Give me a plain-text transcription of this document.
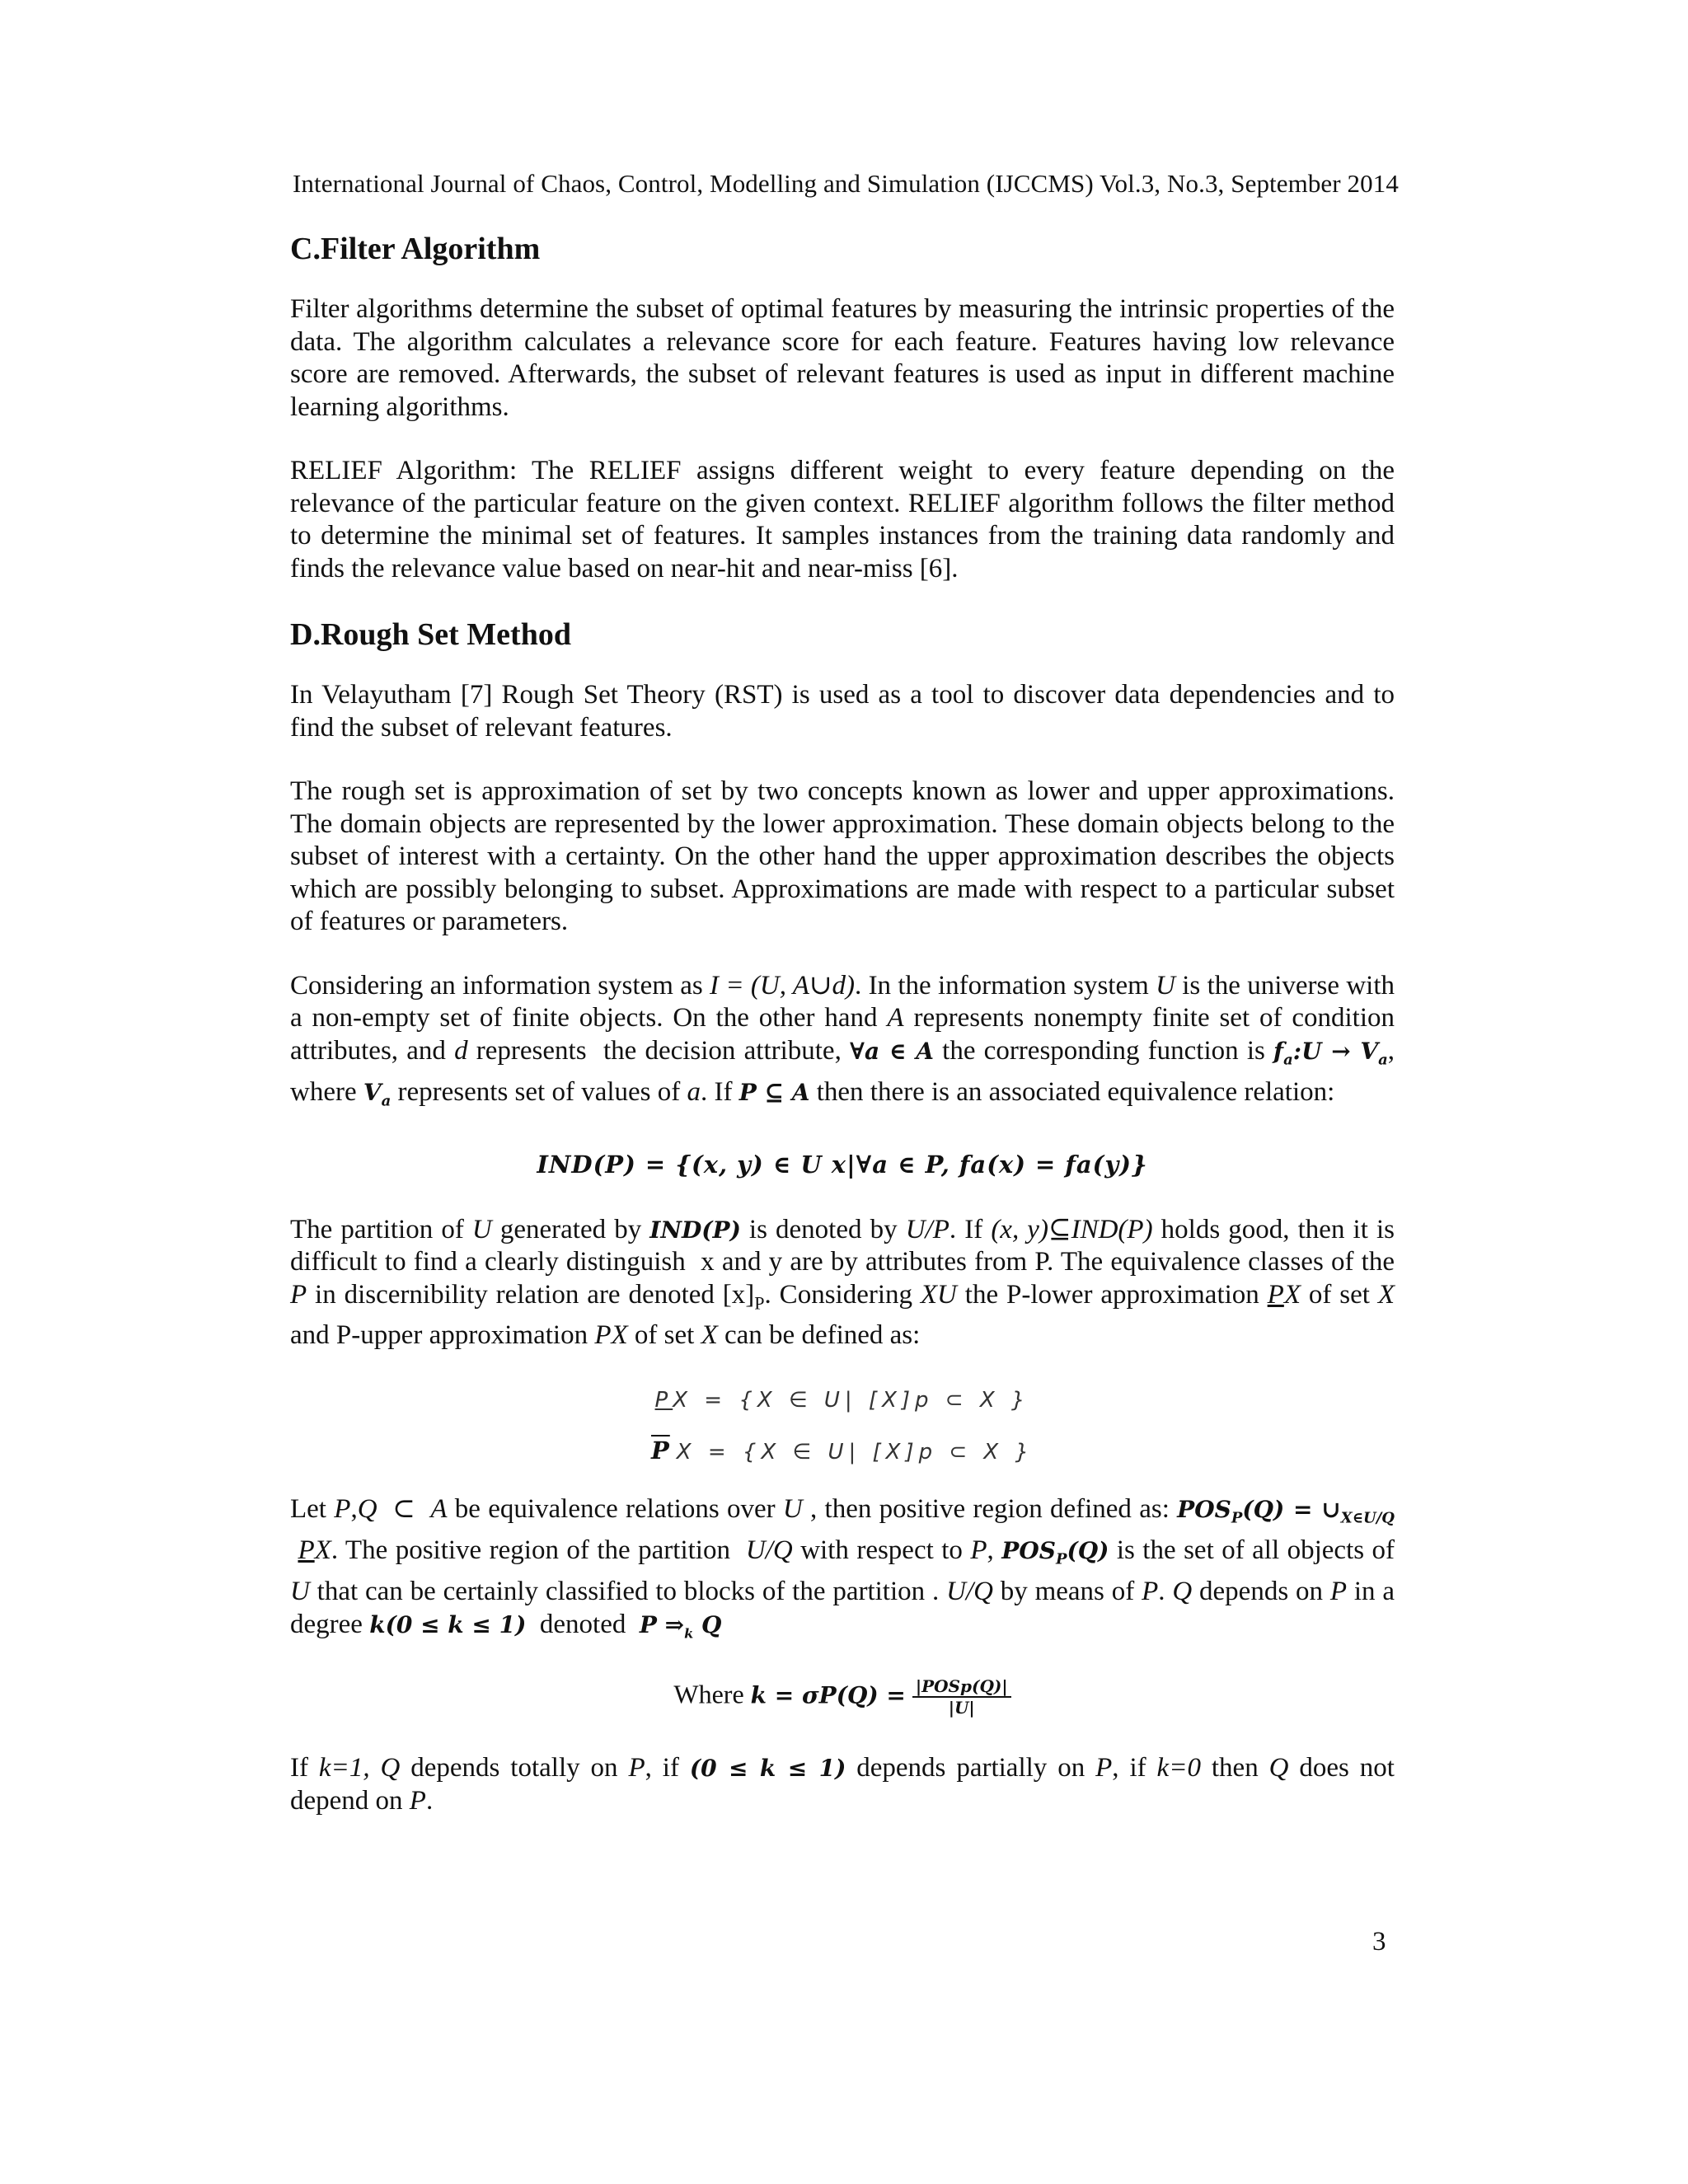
International Journal of Chaos, Control, Modelling and Simulation (IJCCMS) Vol.3, No.3, September 2014
C.Filter Algorithm

Filter algorithms determine the subset of optimal features by measuring the intrinsic properties of the data. The algorithm calculates a relevance score for each feature. Features having low relevance score are removed. Afterwards, the subset of relevant features is used as input in different machine learning algorithms.

RELIEF Algorithm: The RELIEF assigns different weight to every feature depending on the relevance of the particular feature on the given context. RELIEF algorithm follows the filter method to determine the minimal set of features. It samples instances from the training data randomly and finds the relevance value based on near-hit and near-miss [6].

D.Rough Set Method

In Velayutham [7] Rough Set Theory (RST) is used as a tool to discover data dependencies and to find the subset of relevant features.

The rough set is approximation of set by two concepts known as lower and upper approximations. The domain objects are represented by the lower approximation. These domain objects belong to the subset of interest with a certainty. On the other hand the upper approximation describes the objects which are possibly belonging to subset. Approximations are made with respect to a particular subset of features or parameters.

Considering an information system as I = (U, A∪d). In the information system U is the universe with a non-empty set of finite objects. On the other hand A represents nonempty finite set of condition attributes, and d represents  the decision attribute, ∀a ∈ A the corresponding function is $f_a:U \to V_a$, where $V_a$ represents set of values of a. If P ⊆ A then there is an associated equivalence relation:

IND(P) = {(x, y) ∈ U x|∀a ∈ P, fa(x) = fa(y)}

The partition of U generated by IND(P) is denoted by U/P. If (x, y)⊆IND(P) holds good, then it is difficult to find a clearly distinguish  x and y are by attributes from P. The equivalence classes of the P in discernibility relation are denoted $[x]_P$. Considering XU the P-lower approximation PX of set X and P-upper approximation PX of set X can be defined as:

PX = {X ∈ U| [X]p ⊂ X }
$\overline{P}$ X = {X ∈ U| [X]p ⊂ X }

Let P,Q  ⊂  A be equivalence relations over U , then positive region defined as: $POS_P(Q)$ = $\cup_{X\in U/Q}$  PX. The positive region of the partition  U/Q with respect to P, $POS_P(Q)$ is the set of all objects of U that can be certainly classified to blocks of the partition . U/Q by means of P. Q depends on P in a degree k(0 ≤ k ≤ 1)  denoted  P $\Rightarrow_k$ Q

Where $k = \sigma P(Q) = \frac{\text{|POSp(Q)|}}{|U|}$

If k=1, Q depends totally on P, if (0 ≤ k ≤ 1) depends partially on P, if k=0 then Q does not depend on P.

3
